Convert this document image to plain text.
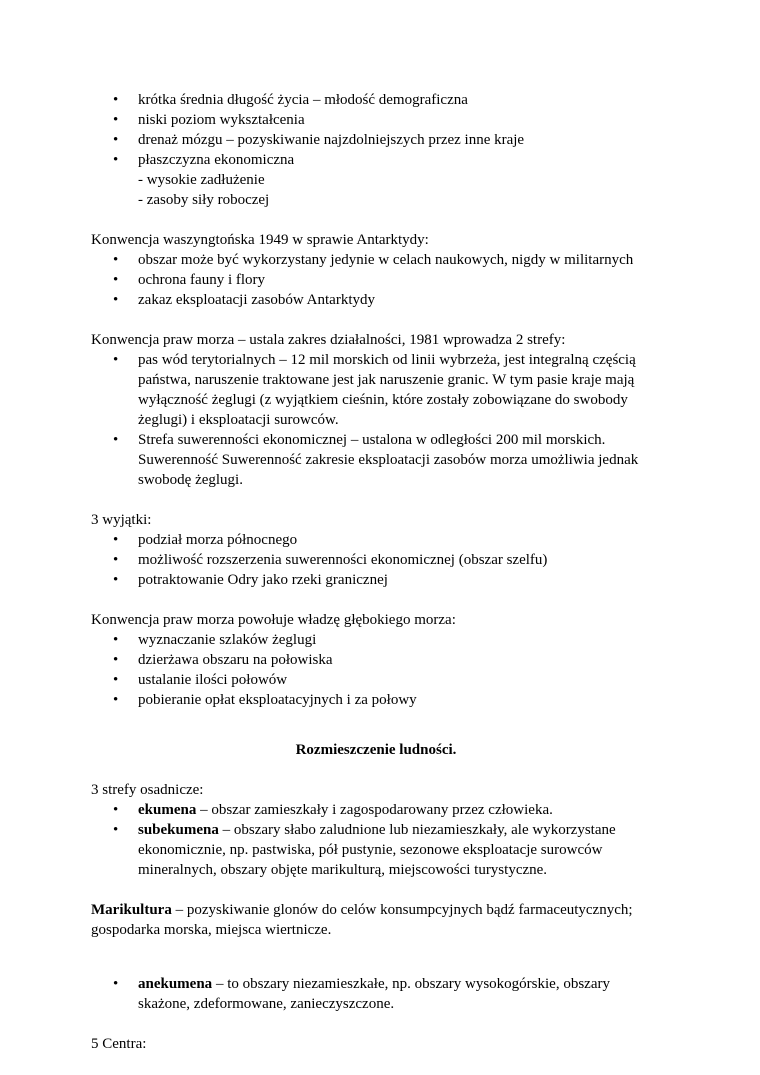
• krótka średnia długość życia – młodość demograficzna
• niski poziom wykształcenia
• drenaż mózgu – pozyskiwanie najzdolniejszych przez inne kraje
• płaszczyzna ekonomiczna
- wysokie zadłużenie
- zasoby siły roboczej

Konwencja waszyngtońska 1949 w sprawie Antarktydy:

• obszar może być wykorzystany jedynie w celach naukowych, nigdy w militarnych
• ochrona fauny i flory
• zakaz eksploatacji zasobów Antarktydy

Konwencja praw morza – ustala zakres działalności, 1981 wprowadza 2 strefy:

• pas wód terytorialnych – 12 mil morskich od linii wybrzeża, jest integralną częścią państwa, naruszenie traktowane jest jak naruszenie granic. W tym pasie kraje mają wyłączność żeglugi (z wyjątkiem cieśnin, które zostały zobowiązane do swobody żeglugi) i eksploatacji surowców.
• Strefa suwerenności ekonomicznej – ustalona w odległości 200 mil morskich. Suwerenność Suwerenność zakresie eksploatacji zasobów morza umożliwia jednak swobodę żeglugi.

3 wyjątki:

• podział morza północnego
• możliwość rozszerzenia suwerenności ekonomicznej (obszar szelfu)
• potraktowanie Odry jako rzeki granicznej

Konwencja praw morza powołuje władzę głębokiego morza:

• wyznaczanie szlaków żeglugi
• dzierżawa obszaru na połowiska
• ustalanie ilości połowów
• pobieranie opłat eksploatacyjnych i za połowy

Rozmieszczenie ludności.

3 strefy osadnicze:

• ekumena – obszar zamieszkały i zagospodarowany przez człowieka.
• subekumena – obszary słabo zaludnione lub niezamieszkały, ale wykorzystane ekonomicznie, np. pastwiska, pół pustynie, sezonowe eksploatacje surowców mineralnych, obszary objęte marikulturą, miejscowości turystyczne.

Marikultura – pozyskiwanie glonów do celów konsumpcyjnych bądź farmaceutycznych; gospodarka morska, miejsca wiertnicze.

• anekumena – to obszary niezamieszkałe, np. obszary wysokogórskie, obszary skażone, zdeformowane, zanieczyszczone.

5 Centra:
